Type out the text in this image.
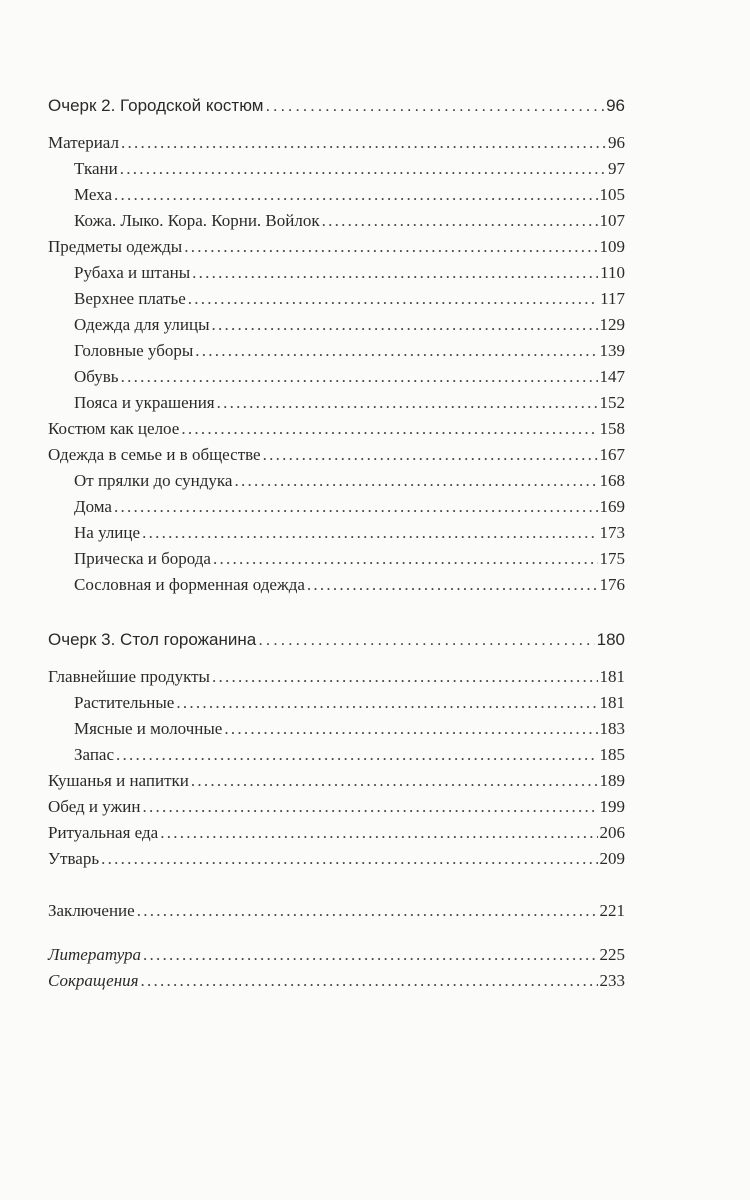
Очерк 2. Городской костюм . . .	96
Материал . . .	96
Ткани . . .	97
Меха . . .	105
Кожа. Лыко. Кора. Корни. Войлок . . .	107
Предметы одежды . . .	109
Рубаха и штаны . . .	110
Верхнее платье . . .	117
Одежда для улицы . . .	129
Головные уборы . . .	139
Обувь . . .	147
Пояса и украшения . . .	152
Костюм как целое . . .	158
Одежда в семье и в обществе . . .	167
От прялки до сундука . . .	168
Дома . . .	169
На улице . . .	173
Прическа и борода . . .	175
Сословная и форменная одежда . . .	176
Очерк 3. Стол горожанина . . .	180
Главнейшие продукты . . .	181
Растительные . . .	181
Мясные и молочные . . .	183
Запас . . .	185
Кушанья и напитки . . .	189
Обед и ужин . . .	199
Ритуальная еда . . .	206
Утварь . . .	209
Заключение . . .	221
Литература . . .	225
Сокращения . . .	233
